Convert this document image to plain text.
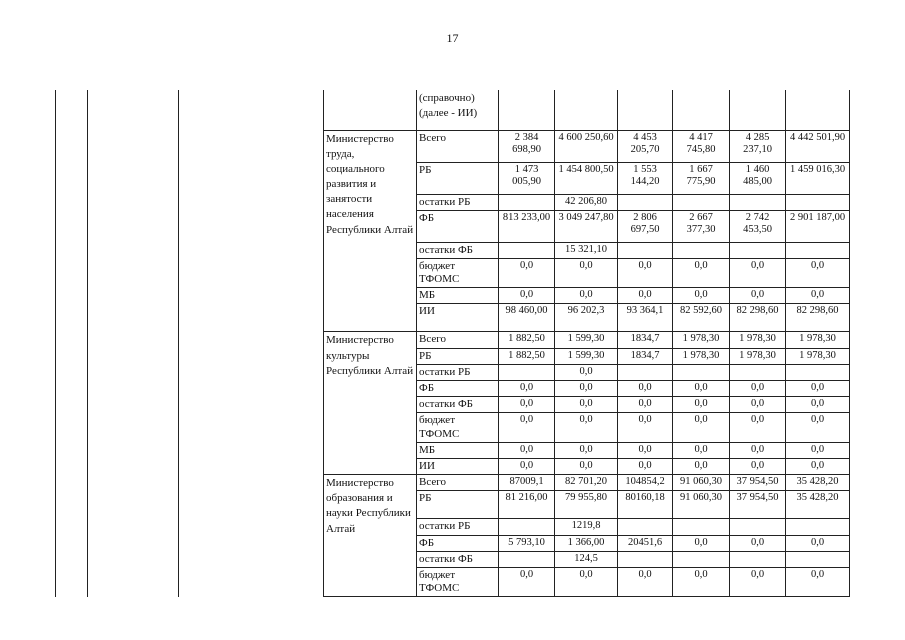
17
				(справочно)
(далее - ИИ)						
			Министерство труда, социального развития и занятости населения Республики Алтай	Всего	2 384 698,90	4 600 250,60	4 453 205,70	4 417 745,80	4 285 237,10	4 442 501,90
				РБ	1 473 005,90	1 454 800,50	1 553 144,20	1 667 775,90	1 460 485,00	1 459 016,30
				остатки РБ		42 206,80				
				ФБ	813 233,00	3 049 247,80	2 806 697,50	2 667 377,30	2 742 453,50	2 901 187,00
				остатки ФБ		15 321,10				
				бюджет ТФОМС	0,0	0,0	0,0	0,0	0,0	0,0
				МБ	0,0	0,0	0,0	0,0	0,0	0,0
				ИИ	98 460,00	96 202,3	93 364,1	82 592,60	82 298,60	82 298,60
			Министерство культуры Республики Алтай	Всего	1 882,50	1 599,30	1834,7	1 978,30	1 978,30	1 978,30
				РБ	1 882,50	1 599,30	1834,7	1 978,30	1 978,30	1 978,30
				остатки РБ		0,0				
				ФБ	0,0	0,0	0,0	0,0	0,0	0,0
				остатки ФБ	0,0	0,0	0,0	0,0	0,0	0,0
				бюджет ТФОМС	0,0	0,0	0,0	0,0	0,0	0,0
				МБ	0,0	0,0	0,0	0,0	0,0	0,0
				ИИ	0,0	0,0	0,0	0,0	0,0	0,0
			Министерство образования и науки Республики Алтай	Всего	87009,1	82 701,20	104854,2	91 060,30	37 954,50	35 428,20
				РБ	81 216,00	79 955,80	80160,18	91 060,30	37 954,50	35 428,20
				остатки РБ		1219,8				
				ФБ	5 793,10	1 366,00	20451,6	0,0	0,0	0,0
				остатки ФБ		124,5				
				бюджет ТФОМС	0,0	0,0	0,0	0,0	0,0	0,0
